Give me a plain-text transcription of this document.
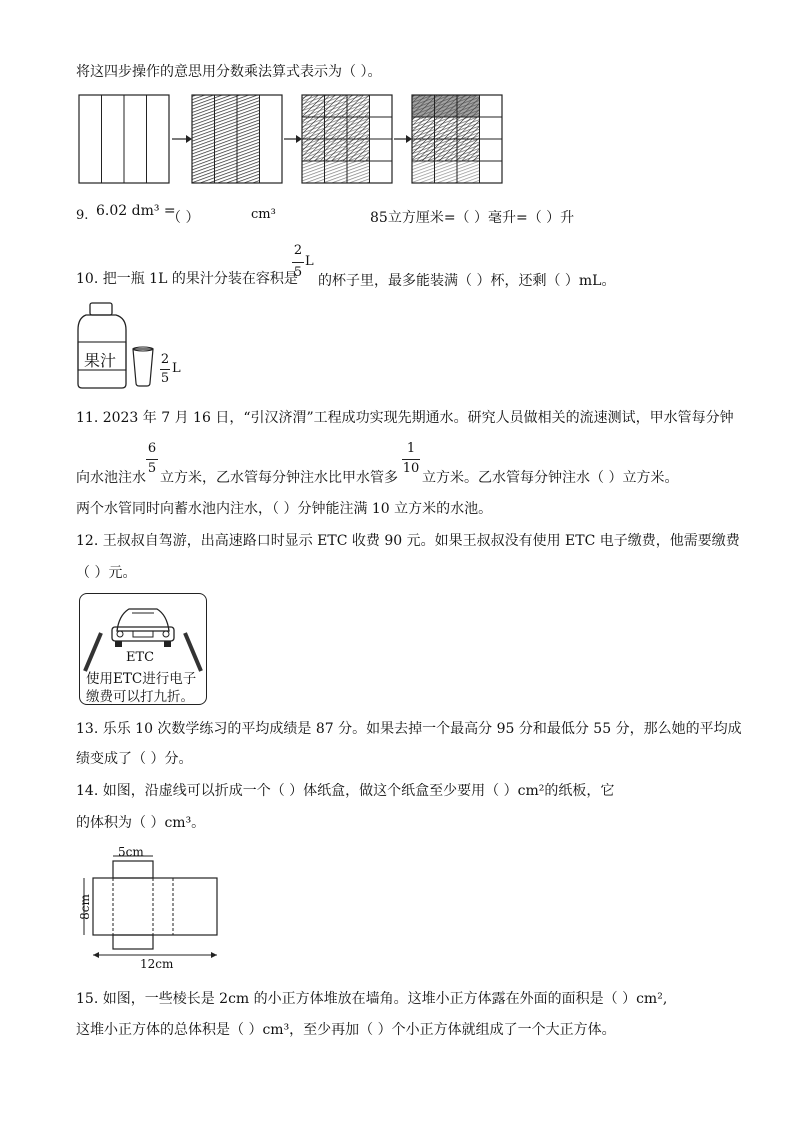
将这四步操作的意思用分数乘法算式表示为（ ）。
9. 6.02 dm³ =
（ ）	cm³	85立方厘米=（ ）毫升=（ ）升
10. 把一瓶 1L 的果汁分装在容积是
2
5
L
的杯子里，最多能装满（ ）杯，还剩（ ）mL。
果汁	2
5
L
11. 2023 年 7 月 16 日，“引汉济渭”工程成功实现先期通水。研究人员做相关的流速测试，甲水管每分钟
向水池注水
6
5
立方米，乙水管每分钟注水比甲水管多
1
10
立方米。乙水管每分钟注水（ ）立方米。
两个水管同时向蓄水池内注水，（ ）分钟能注满 10 立方米的水池。
12. 王叔叔自驾游，出高速路口时显示 ETC 收费 90 元。如果王叔叔没有使用 ETC 电子缴费，他需要缴费
（ ）元。
ETC
使用ETC进行电子
缴费可以打九折。
13. 乐乐 10 次数学练习的平均成绩是 87 分。如果去掉一个最高分 95 分和最低分 55 分，那么她的平均成
绩变成了（ ）分。
14. 如图，沿虚线可以折成一个（ ）体纸盒，做这个纸盒至少要用（ ）cm²的纸板，它
的体积为（ ）cm³。
5cm
8cm
12cm
15. 如图，一些棱长是 2cm 的小正方体堆放在墙角。这堆小正方体露在外面的面积是（ ）cm²,
这堆小正方体的总体积是（ ）cm³，至少再加（ ）个小正方体就组成了一个大正方体。
